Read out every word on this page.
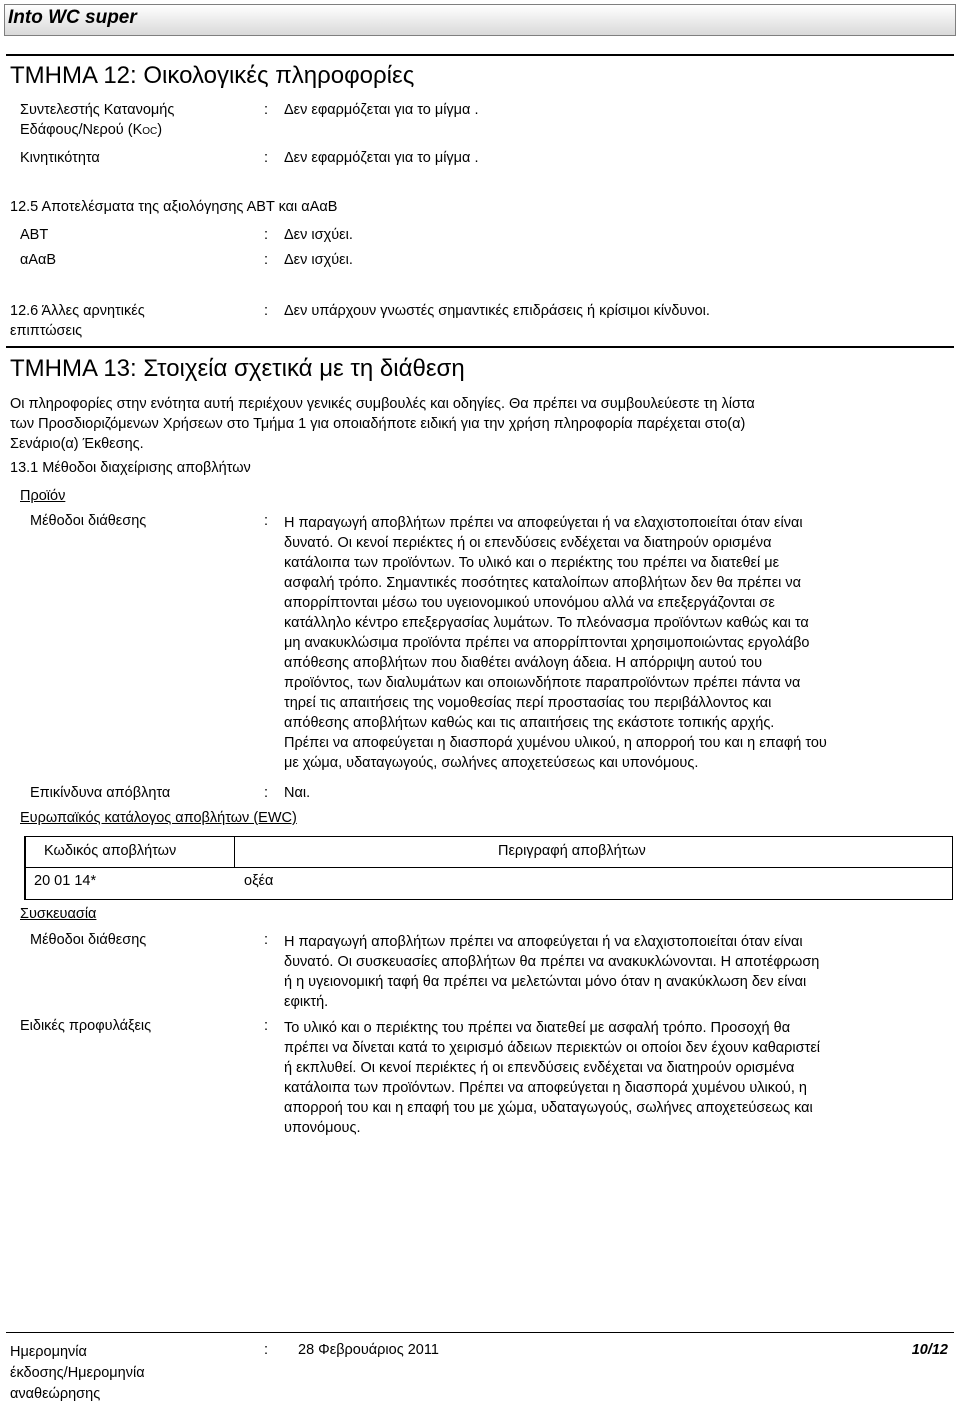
Into WC super
ΤΜΗΜΑ 12: Οικολογικές πληροφορίες
Συντελεστής Κατανομής
Εδάφους/Νερού (KOC)
: Δεν εφαρμόζεται για το μίγμα .
Κινητικότητα	: Δεν εφαρμόζεται για το μίγμα .
12.5 Αποτελέσματα της αξιολόγησης ΑΒΤ και αΑαΒ
ΑΒΤ	: Δεν ισχύει.
αΑαΒ	: Δεν ισχύει.
12.6 Άλλες αρνητικές
επιπτώσεις
: Δεν υπάρχουν γνωστές σημαντικές επιδράσεις ή κρίσιμοι κίνδυνοι.
ΤΜΗΜΑ 13: Στοιχεία σχετικά με τη διάθεση
Οι πληροφορίες στην ενότητα αυτή περιέχουν γενικές συμβουλές και οδηγίες. Θα πρέπει να συμβουλεύεστε τη λίστα
των Προσδιοριζόμενων Χρήσεων στο Τμήμα 1 για οποιαδήποτε ειδική για την χρήση πληροφορία παρέχεται στο(α)
Σενάριο(α) Έκθεσης.
13.1 Μέθοδοι διαχείρισης αποβλήτων
Προϊόν
Μέθοδοι διάθεσης	: Η παραγωγή αποβλήτων πρέπει να αποφεύγεται ή να ελαχιστοποιείται όταν είναι
δυνατό. Οι κενοί περιέκτες ή οι επενδύσεις ενδέχεται να διατηρούν ορισμένα
κατάλοιπα των προϊόντων. Το υλικό και ο περιέκτης του πρέπει να διατεθεί με
ασφαλή τρόπο. Σημαντικές ποσότητες καταλοίπων αποβλήτων δεν θα πρέπει να
απορρίπτονται μέσω του υγειονομικού υπονόμου αλλά να επεξεργάζονται σε
κατάλληλο κέντρο επεξεργασίας λυμάτων. Το πλεόνασμα προϊόντων καθώς και τα
μη ανακυκλώσιμα προϊόντα πρέπει να απορρίπτονται χρησιμοποιώντας εργολάβο
απόθεσης αποβλήτων που διαθέτει ανάλογη άδεια. Η απόρριψη αυτού του
προϊόντος, των διαλυμάτων και οποιωνδήποτε παραπροϊόντων πρέπει πάντα να
τηρεί τις απαιτήσεις της νομοθεσίας περί προστασίας του περιβάλλοντος και
απόθεσης αποβλήτων καθώς και τις απαιτήσεις της εκάστοτε τοπικής αρχής.
Πρέπει να αποφεύγεται η διασπορά χυμένου υλικού, η απορροή του και η επαφή του
με χώμα, υδαταγωγούς, σωλήνες αποχετεύσεως και υπονόμους.
Επικίνδυνα απόβλητα	: Ναι.
Ευρωπαϊκός κατάλογος αποβλήτων (EWC)
Κωδικός αποβλήτων	Περιγραφή αποβλήτων
20 01 14*	οξέα
Συσκευασία
Μέθοδοι διάθεσης	: Η παραγωγή αποβλήτων πρέπει να αποφεύγεται ή να ελαχιστοποιείται όταν είναι
δυνατό. Οι συσκευασίες αποβλήτων θα πρέπει να ανακυκλώνονται. Η αποτέφρωση
ή η υγειονομική ταφή θα πρέπει να μελετώνται μόνο όταν η ανακύκλωση δεν είναι
εφικτή.
Ειδικές προφυλάξεις	: Το υλικό και ο περιέκτης του πρέπει να διατεθεί με ασφαλή τρόπο. Προσοχή θα
πρέπει να δίνεται κατά το χειρισμό άδειων περιεκτών οι οποίοι δεν έχουν καθαριστεί
ή εκπλυθεί. Οι κενοί περιέκτες ή οι επενδύσεις ενδέχεται να διατηρούν ορισμένα
κατάλοιπα των προϊόντων. Πρέπει να αποφεύγεται η διασπορά χυμένου υλικού, η
απορροή του και η επαφή του με χώμα, υδαταγωγούς, σωλήνες αποχετεύσεως και
υπονόμους.
Ημερομηνία
έκδοσης/Ημερομηνία
αναθεώρησης
: 28 Φεβρουάριος 2011	10/12
